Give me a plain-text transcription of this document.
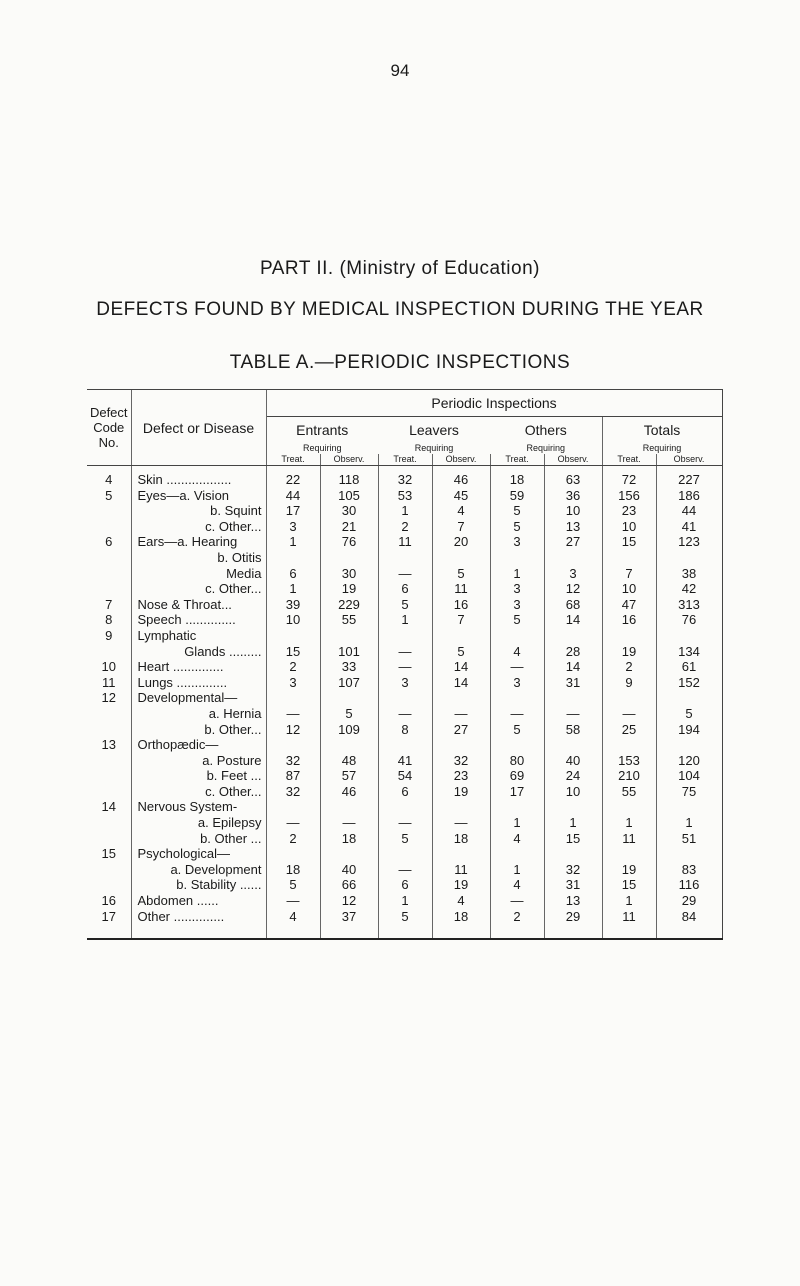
94
PART II. (Ministry of Education)
DEFECTS FOUND BY MEDICAL INSPECTION DURING THE YEAR
TABLE A.—PERIODIC INSPECTIONS
Defect Code No.	Defect or Disease	Periodic Inspections							
		Entrants		Leavers		Others		Totals	
		Requiring		Requiring		Requiring		Requiring	
		Treat.	Observ.	Treat.	Observ.	Treat.	Observ.	Treat.	Observ.
4	Skin ..................	22	118	32	46	18	63	72	227
5	Eyes—a. Vision	44	105	53	45	59	36	156	186
	b. Squint	17	30	1	4	5	10	23	44
	c. Other...	3	21	2	7	5	13	10	41
6	Ears—a. Hearing	1	76	11	20	3	27	15	123
	b. Otitis								
	Media	6	30	—	5	1	3	7	38
	c. Other...	1	19	6	11	3	12	10	42
7	Nose & Throat...	39	229	5	16	3	68	47	313
8	Speech ..............	10	55	1	7	5	14	16	76
9	Lymphatic								
	Glands .........	15	101	—	5	4	28	19	134
10	Heart ..............	2	33	—	14	—	14	2	61
11	Lungs ..............	3	107	3	14	3	31	9	152
12	Developmental—								
	a. Hernia	—	5	—	—	—	—	—	5
	b. Other...	12	109	8	27	5	58	25	194
13	Orthopædic—								
	a. Posture	32	48	41	32	80	40	153	120
	b. Feet ...	87	57	54	23	69	24	210	104
	c. Other...	32	46	6	19	17	10	55	75
14	Nervous System-								
	a. Epilepsy	—	—	—	—	1	1	1	1
	b. Other ...	2	18	5	18	4	15	11	51
15	Psychological—								
	a. Development	18	40	—	11	1	32	19	83
	b. Stability ......	5	66	6	19	4	31	15	116
16	Abdomen ......	—	12	1	4	—	13	1	29
17	Other ..............	4	37	5	18	2	29	11	84
